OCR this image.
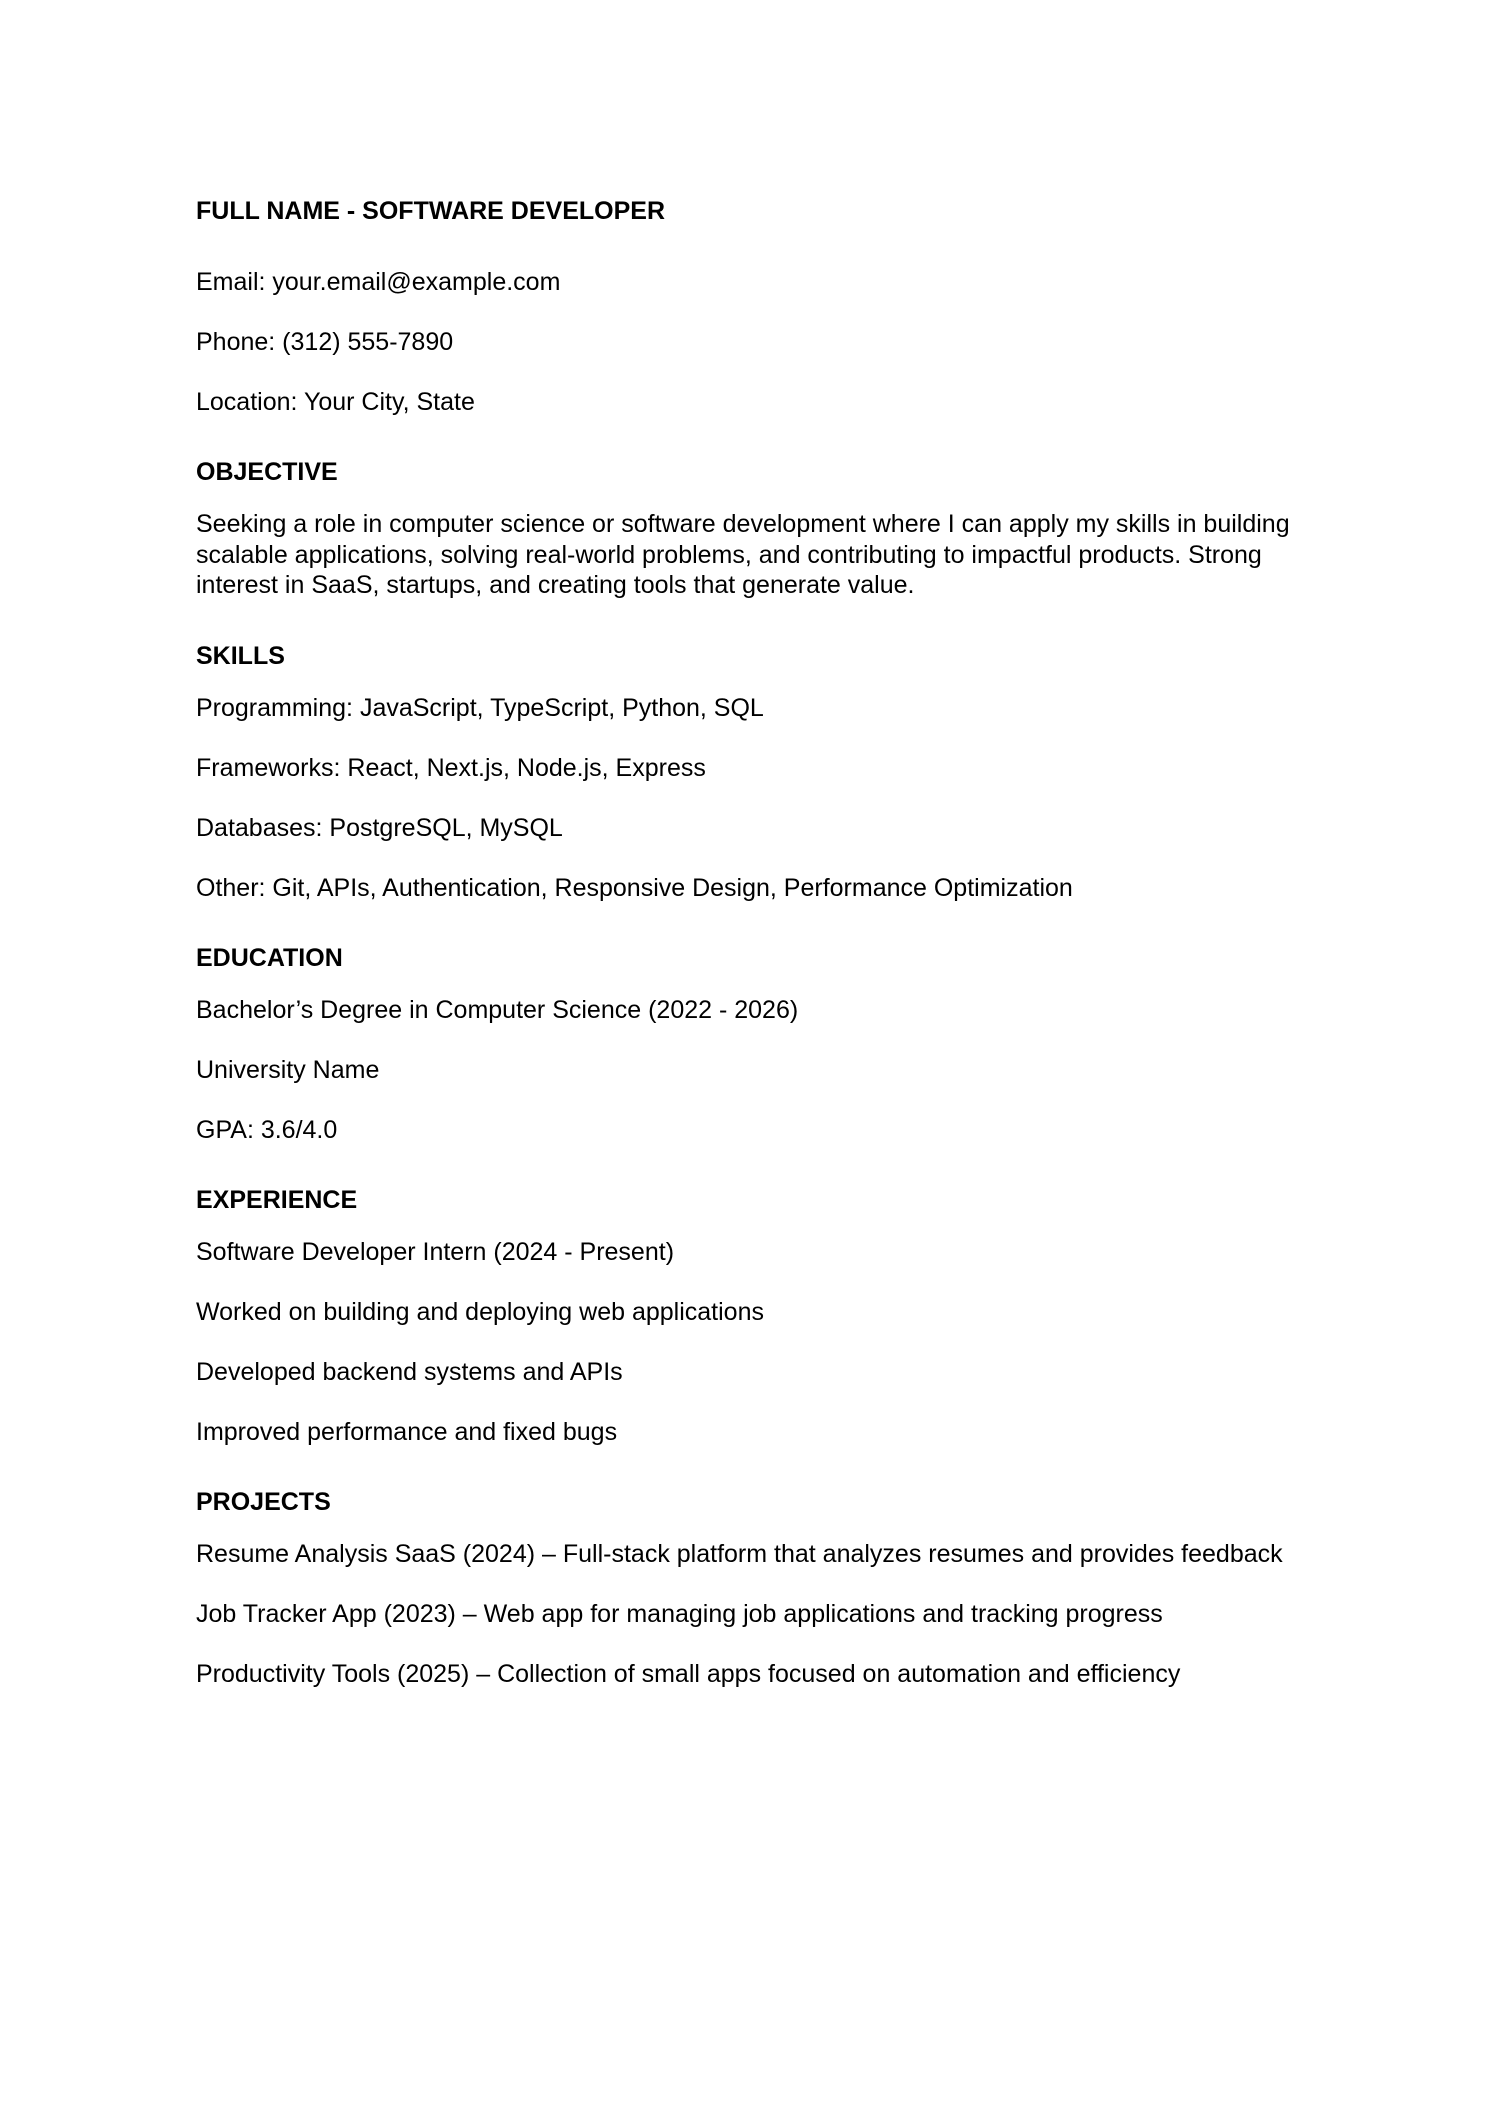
FULL NAME - SOFTWARE DEVELOPER
Email: your.email@example.com
Phone: (312) 555-7890
Location: Your City, State
OBJECTIVE
Seeking a role in computer science or software development where I can apply my skills in building scalable applications, solving real-world problems, and contributing to impactful products. Strong interest in SaaS, startups, and creating tools that generate value.
SKILLS
Programming: JavaScript, TypeScript, Python, SQL
Frameworks: React, Next.js, Node.js, Express
Databases: PostgreSQL, MySQL
Other: Git, APIs, Authentication, Responsive Design, Performance Optimization
EDUCATION
Bachelor’s Degree in Computer Science (2022 - 2026)
University Name
GPA: 3.6/4.0
EXPERIENCE
Software Developer Intern (2024 - Present)
Worked on building and deploying web applications
Developed backend systems and APIs
Improved performance and fixed bugs
PROJECTS
Resume Analysis SaaS (2024) – Full-stack platform that analyzes resumes and provides feedback
Job Tracker App (2023) – Web app for managing job applications and tracking progress
Productivity Tools (2025) – Collection of small apps focused on automation and efficiency
